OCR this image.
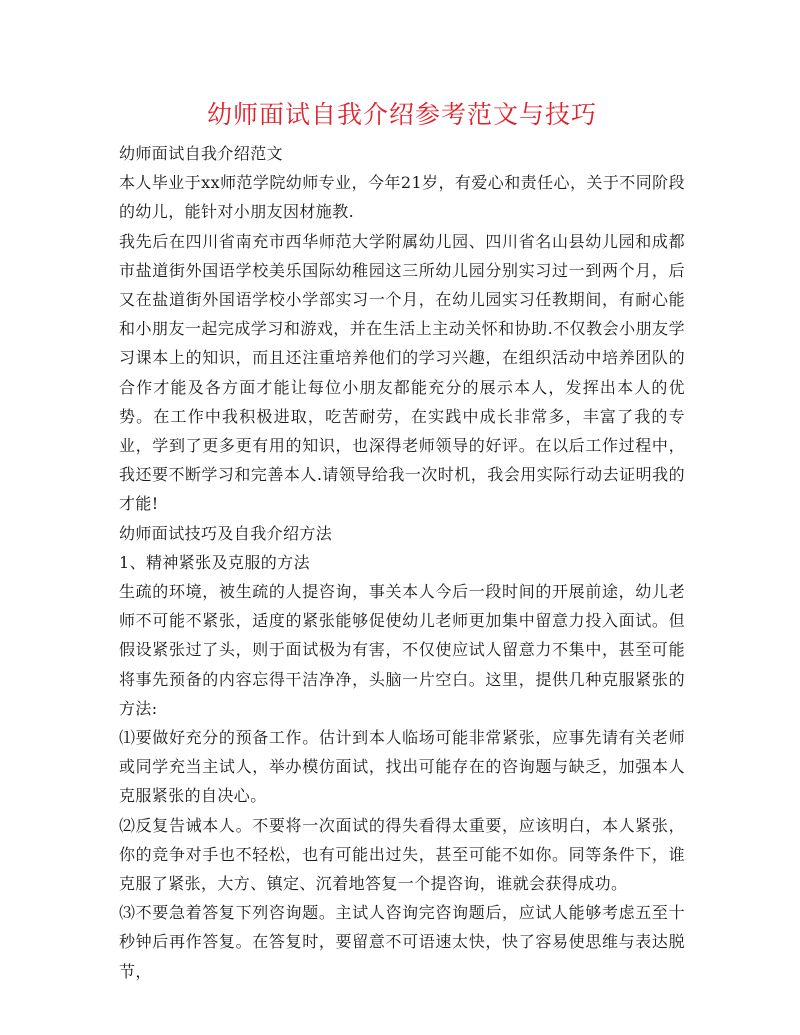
幼师面试自我介绍参考范文与技巧

幼师面试自我介绍范文

本人毕业于xx师范学院幼师专业，今年21岁，有爱心和责任心，关于不同阶段的幼儿，能针对小朋友因材施教.

我先后在四川省南充市西华师范大学附属幼儿园、四川省名山县幼儿园和成都市盐道街外国语学校美乐国际幼稚园这三所幼儿园分别实习过一到两个月，后又在盐道街外国语学校小学部实习一个月，在幼儿园实习任教期间，有耐心能和小朋友一起完成学习和游戏，并在生活上主动关怀和协助.不仅教会小朋友学习课本上的知识，而且还注重培养他们的学习兴趣，在组织活动中培养团队的合作才能及各方面才能让每位小朋友都能充分的展示本人，发挥出本人的优势。在工作中我积极进取，吃苦耐劳，在实践中成长非常多，丰富了我的专业，学到了更多更有用的知识，也深得老师领导的好评。在以后工作过程中，我还要不断学习和完善本人.请领导给我一次时机，我会用实际行动去证明我的才能!

幼师面试技巧及自我介绍方法

1、精神紧张及克服的方法

生疏的环境，被生疏的人提咨询，事关本人今后一段时间的开展前途，幼儿老师不可能不紧张，适度的紧张能够促使幼儿老师更加集中留意力投入面试。但假设紧张过了头，则于面试极为有害，不仅使应试人留意力不集中，甚至可能将事先预备的内容忘得干洁净净，头脑一片空白。这里，提供几种克服紧张的方法:

⑴要做好充分的预备工作。估计到本人临场可能非常紧张，应事先请有关老师或同学充当主试人，举办模仿面试，找出可能存在的咨询题与缺乏，加强本人克服紧张的自决心。

⑵反复告诫本人。不要将一次面试的得失看得太重要，应该明白，本人紧张，你的竞争对手也不轻松，也有可能出过失，甚至可能不如你。同等条件下，谁克服了紧张，大方、镇定、沉着地答复一个提咨询，谁就会获得成功。

⑶不要急着答复下列咨询题。主试人咨询完咨询题后，应试人能够考虑五至十秒钟后再作答复。在答复时，要留意不可语速太快，快了容易使思维与表达脱节，
